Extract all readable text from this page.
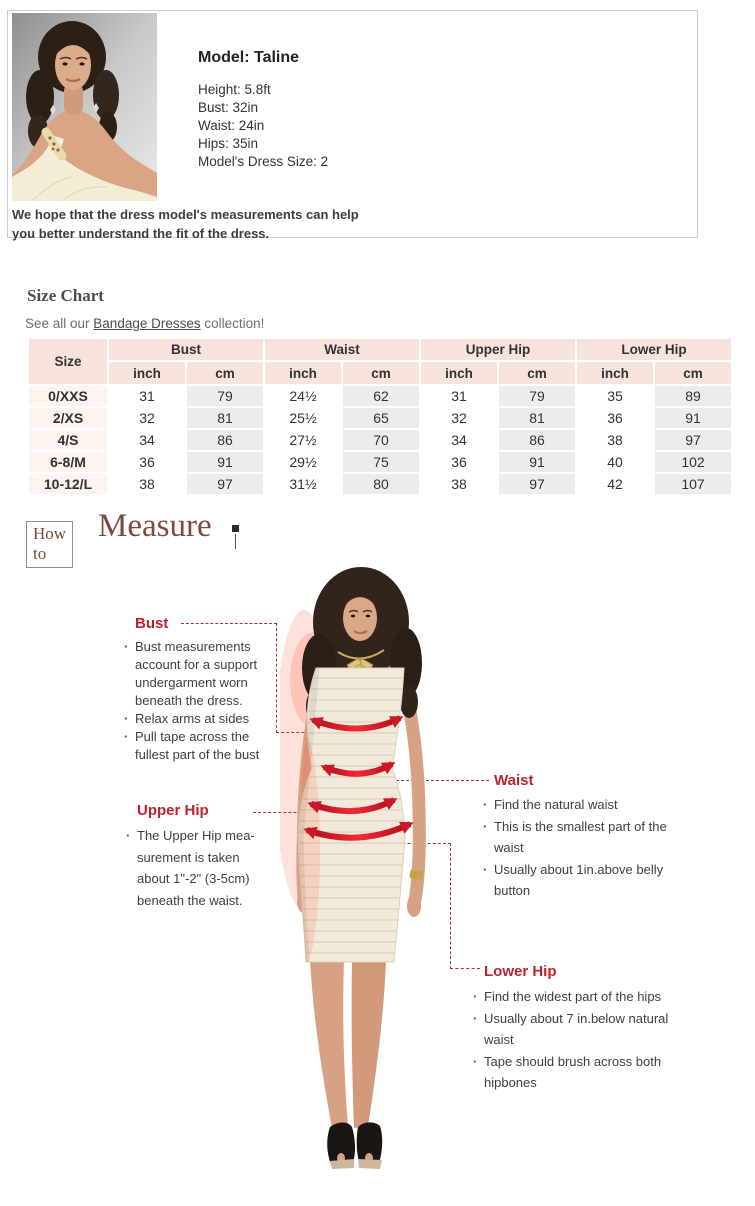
Model: Taline
Height: 5.8ft
Bust: 32in
Waist: 24in
Hips: 35in
Model's Dress Size: 2
We hope that the dress model's measurements can help you better understand the fit of the dress.
Size Chart
See all our Bandage Dresses collection!
Size	Bust		Waist		Upper Hip		Lower Hip	
	inch	cm	inch	cm	inch	cm	inch	cm
0/XXS	31	79	24½	62	31	79	35	89
2/XS	32	81	25½	65	32	81	36	91
4/S	34	86	27½	70	34	86	38	97
6-8/M	36	91	29½	75	36	91	40	102
10-12/L	38	97	31½	80	38	97	42	107
How to
Measure
Bust
· Bust measurements account for a support undergarment worn beneath the dress.
· Relax arms at sides
· Pull tape across the fullest part of the bust
Upper Hip
· The Upper Hip mea- surement is taken about 1"-2" (3-5cm) beneath the waist.
Waist
· Find the natural waist
· This is the smallest part of the waist
· Usually about 1in.above belly button
Lower Hip
· Find the widest part of the hips
· Usually about 7 in.below natural waist
· Tape should brush across both hipbones
